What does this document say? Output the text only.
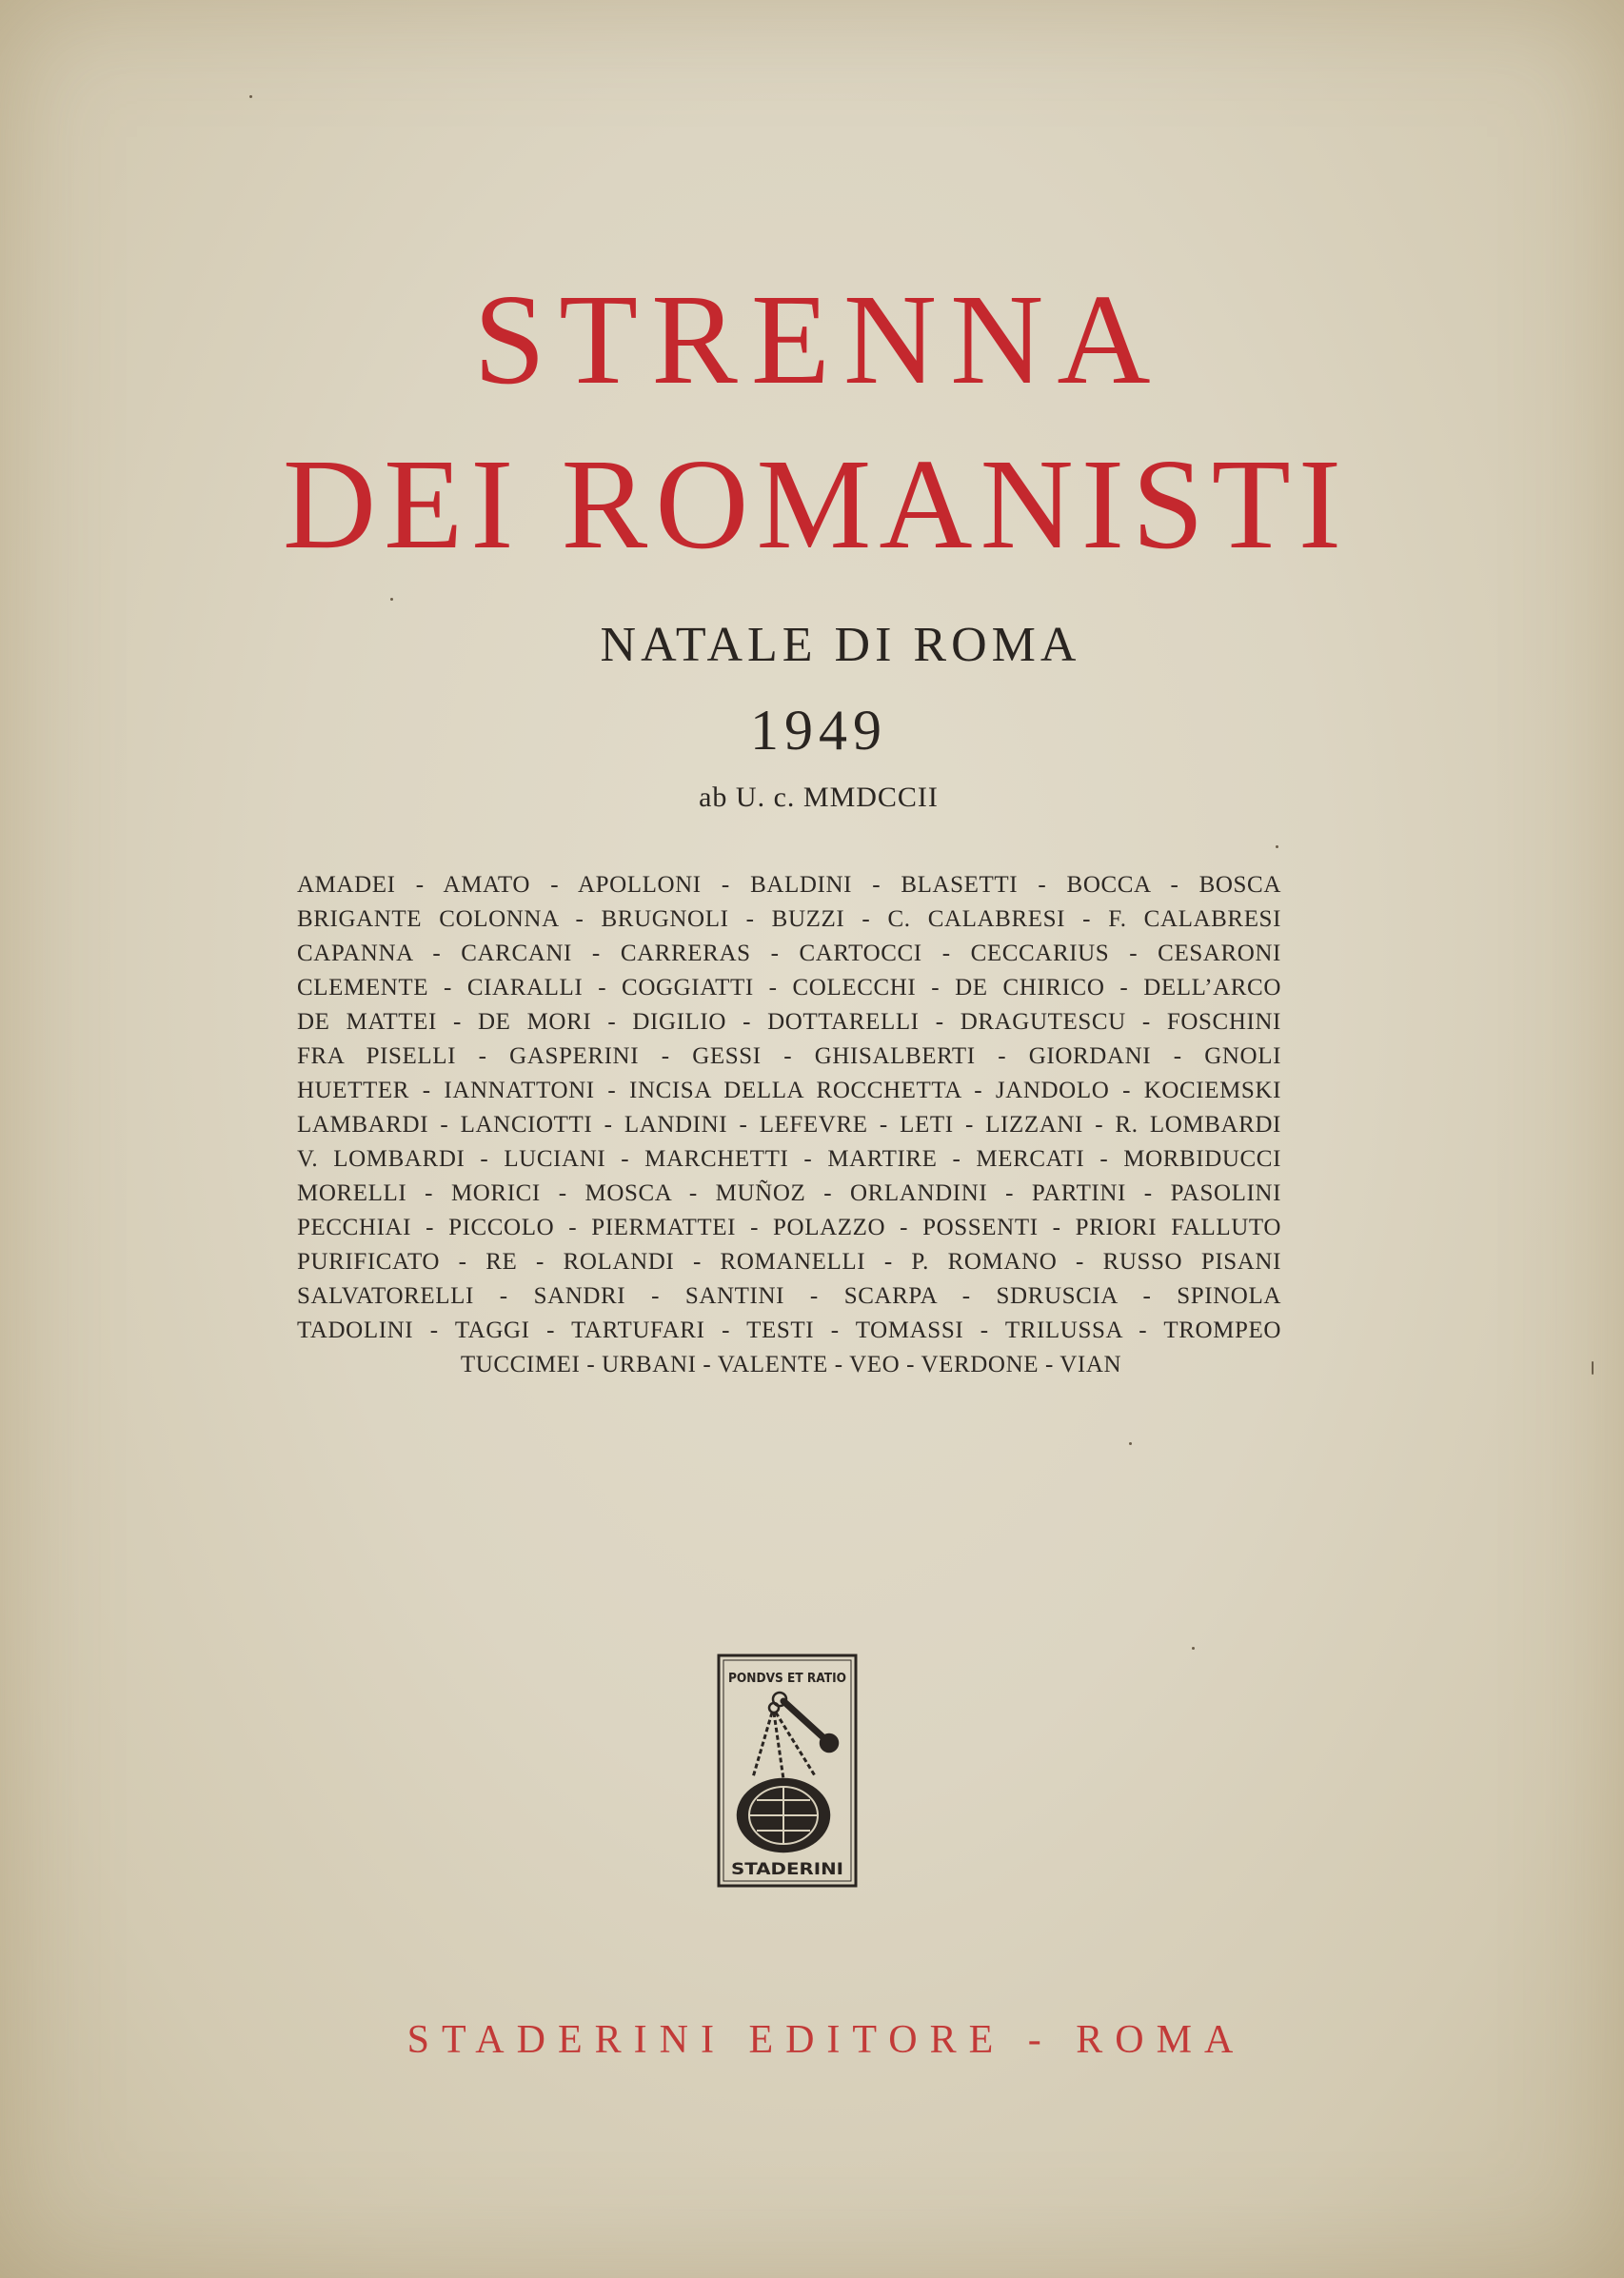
STRENNA
DEI ROMANISTI
NATALE DI ROMA
1949
ab U. c. MMDCCII
AMADEI - AMATO - APOLLONI - BALDINI - BLASETTI - BOCCA - BOSCA
BRIGANTE COLONNA - BRUGNOLI - BUZZI - C. CALABRESI - F. CALABRESI
CAPANNA - CARCANI - CARRERAS - CARTOCCI - CECCARIUS - CESARONI
CLEMENTE - CIARALLI - COGGIATTI - COLECCHI - DE CHIRICO - DELL’ARCO
DE MATTEI - DE MORI - DIGILIO - DOTTARELLI - DRAGUTESCU - FOSCHINI
FRA PISELLI - GASPERINI - GESSI - GHISALBERTI - GIORDANI - GNOLI
HUETTER - IANNATTONI - INCISA DELLA ROCCHETTA - JANDOLO - KOCIEMSKI
LAMBARDI - LANCIOTTI - LANDINI - LEFEVRE - LETI - LIZZANI - R. LOMBARDI
V. LOMBARDI - LUCIANI - MARCHETTI - MARTIRE - MERCATI - MORBIDUCCI
MORELLI - MORICI - MOSCA - MUÑOZ - ORLANDINI - PARTINI - PASOLINI
PECCHIAI - PICCOLO - PIERMATTEI - POLAZZO - POSSENTI - PRIORI FALLUTO
PURIFICATO - RE - ROLANDI - ROMANELLI - P. ROMANO - RUSSO PISANI
SALVATORELLI - SANDRI - SANTINI - SCARPA - SDRUSCIA - SPINOLA
TADOLINI - TAGGI - TARTUFARI - TESTI - TOMASSI - TRILUSSA - TROMPEO
TUCCIMEI - URBANI - VALENTE - VEO - VERDONE - VIAN
PONDVS ET RATIO
STADERINI
STADERINI EDITORE - ROMA
